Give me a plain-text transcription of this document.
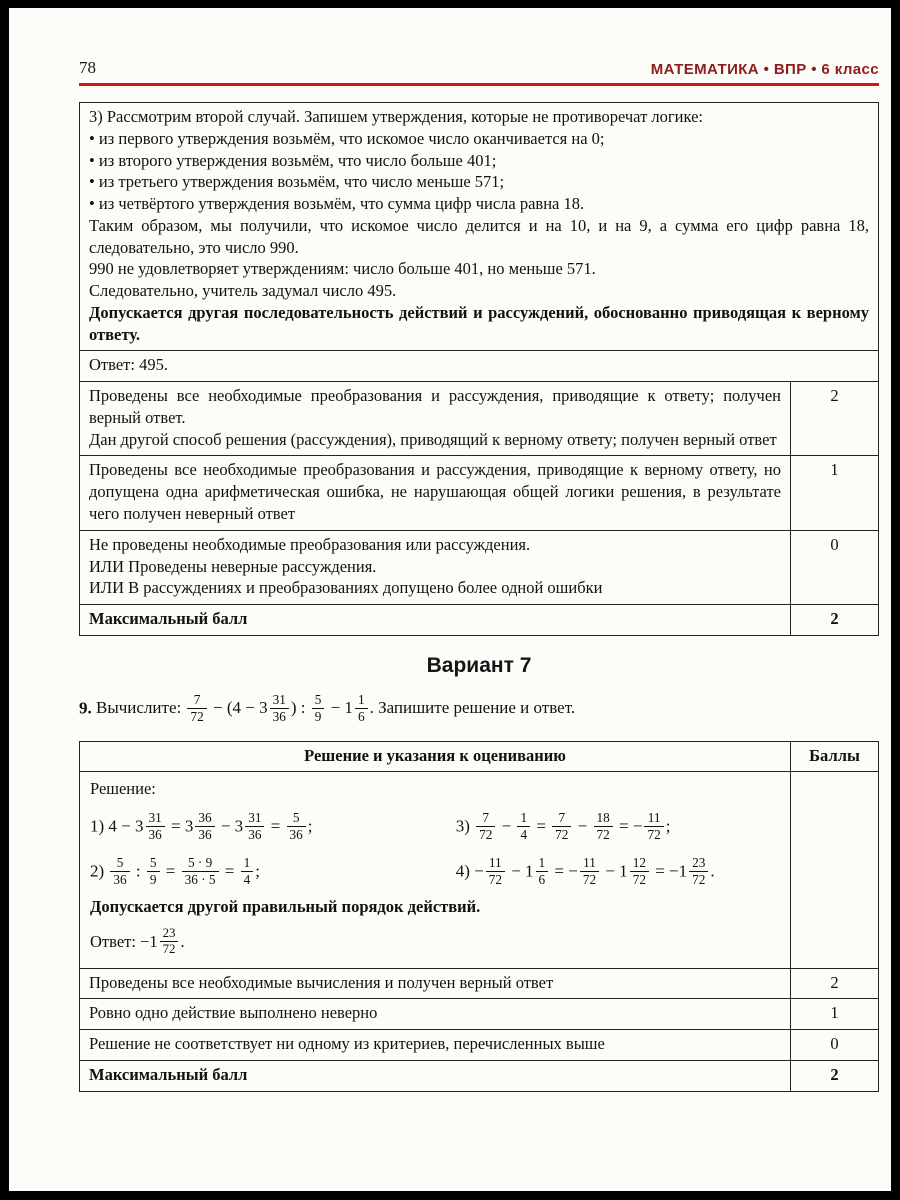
78	МАТЕМАТИКА • ВПР • 6 класс

3) Рассмотрим второй случай. Запишем утверждения, которые не противоречат логике:

• из первого утверждения возьмём, что искомое число оканчивается на 0;

• из второго утверждения возьмём, что число больше 401;

• из третьего утверждения возьмём, что число меньше 571;

• из четвёртого утверждения возьмём, что сумма цифр числа равна 18.

Таким образом, мы получили, что искомое число делится и на 10, и на 9, а сумма его цифр равна 18, следовательно, это число 990.

990 не удовлетворяет утверждениям: число больше 401, но меньше 571.

Следовательно, учитель задумал число 495.

Допускается другая последовательность действий и рассуждений, обоснованно приводящая к верному ответу.

Ответ: 495.	

Проведены все необходимые преобразования и рассуждения, приводящие к ответу; получен верный ответ.

Дан другой способ решения (рассуждения), приводящий к верному ответу; получен верный ответ	2

Проведены все необходимые преобразования и рассуждения, приводящие к верному ответу, но допущена одна арифметическая ошибка, не нарушающая общей логики решения, в результате чего получен неверный ответ	1

Не проведены необходимые преобразования или рассуждения.

ИЛИ Проведены неверные рассуждения.

ИЛИ В рассуждениях и преобразованиях допущено более одной ошибки	0
Максимальный балл	2
Вариант 7

9. Вычислите: $\frac{7}{72} - (4 - 3 \frac{31}{36}$ ) : $\frac{5}{9} - 1 \frac{1}{6}$ . Запишите решение и ответ.

Решение и указания к оцениванию	Баллы

Решение:

1) $4 - 3 \frac{31}{36} = 3 \frac{36}{36} - 3 \frac{31}{36} = \frac{5}{36}$ ;	$3) \frac{7}{72} - \frac{1}{4} = \frac{7}{72} - \frac{18}{72}$ = − $\frac{11}{72}$ ;
$2) \frac{5}{36}$ : $\frac{5}{9} = \frac{5 \cdot 9}{36 \cdot 5} = \frac{1}{4}$ ;	$4) - \frac{11}{72} - 1 \frac{1}{6}$ = − $\frac{11}{72} - 1 \frac{12}{72} = -1 \frac{23}{72}$ .

Допускается другой правильный порядок действий.

Ответ: $-1 \frac{23}{72}$ .

Проведены все необходимые вычисления и получен верный ответ	2
Ровно одно действие выполнено неверно	1
Решение не соответствует ни одному из критериев, перечисленных выше	0
Максимальный балл	2
